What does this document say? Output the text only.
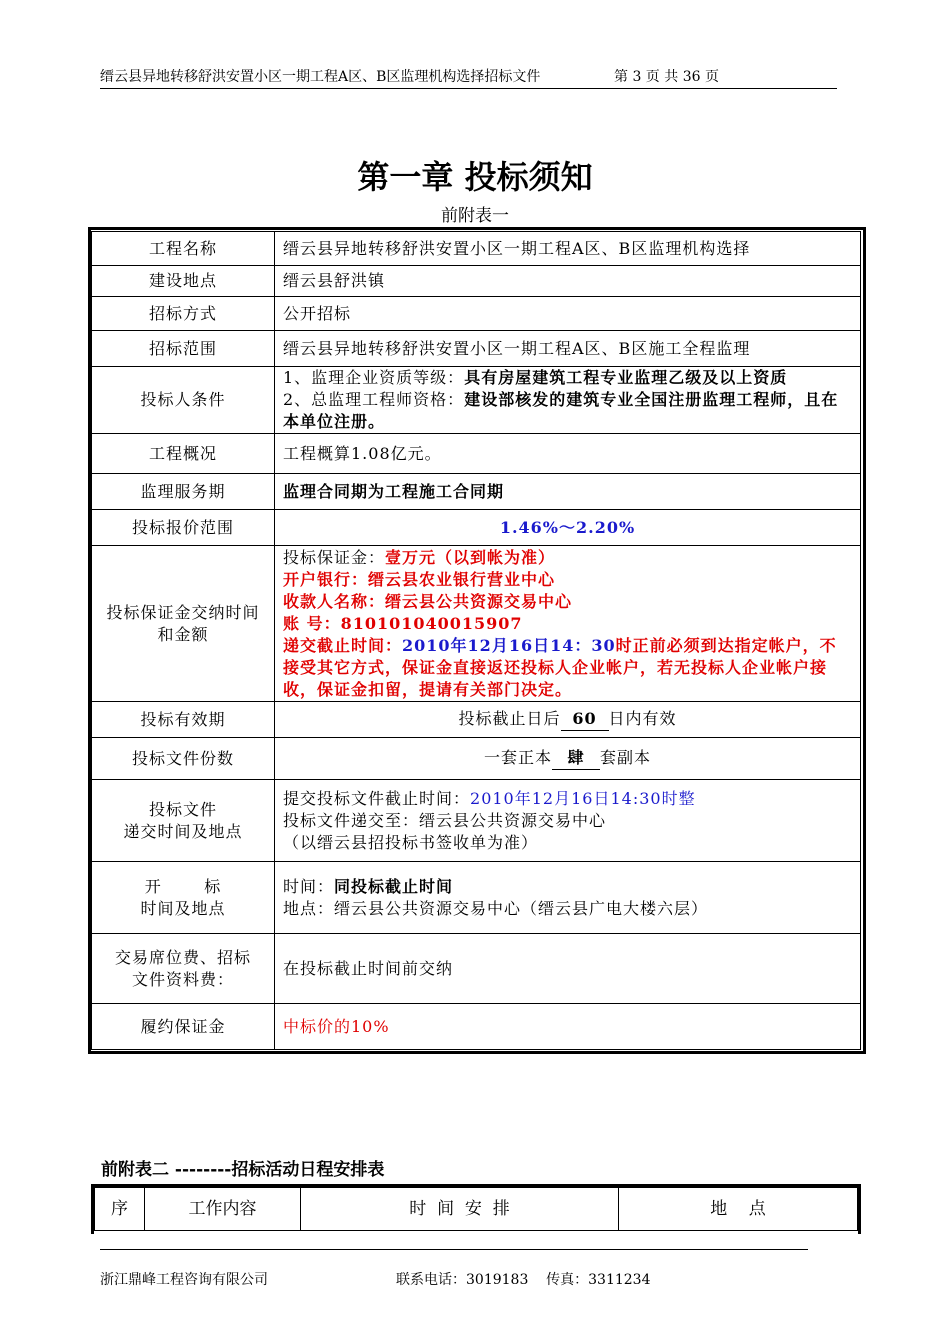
缙云县异地转移舒洪安置小区一期工程A区、B区监理机构选择招标文件	第 3 页 共 36 页
第一章 投标须知
前附表一
工程名称	缙云县异地转移舒洪安置小区一期工程A区、B区监理机构选择
建设地点	缙云县舒洪镇
招标方式	公开招标
招标范围	缙云县异地转移舒洪安置小区一期工程A区、B区施工全程监理
投标人条件	1、监理企业资质等级：具有房屋建筑工程专业监理乙级及以上资质
2、总监理工程师资格：建设部核发的建筑专业全国注册监理工程师，且在本单位注册。
工程概况	工程概算1.08亿元。
监理服务期	监理合同期为工程施工合同期
投标报价范围	1.46%～2.20%
投标保证金交纳时间和金额	投标保证金：壹万元（以到帐为准）
开户银行：缙云县农业银行营业中心
收款人名称：缙云县公共资源交易中心
账 号：810101040015907
递交截止时间：2010年12月16日14：30时正前必须到达指定帐户，不接受其它方式，保证金直接返还投标人企业帐户，若无投标人企业帐户接收，保证金扣留，提请有关部门决定。
投标有效期	投标截止日后 60 日内有效
投标文件份数	一套正本 肆 套副本
投标文件
递交时间及地点	提交投标文件截止时间：2010年12月16日14:30时整
投标文件递交至：缙云县公共资源交易中心
（以缙云县招投标书签收单为准）
开       标
时间及地点	时间：同投标截止时间
地点：缙云县公共资源交易中心（缙云县广电大楼六层）
交易席位费、招标
文件资料费：	在投标截止时间前交纳
履约保证金	中标价的10%
前附表二 --------招标活动日程安排表
序	工作内容	时  间  安  排	地    点
浙江鼎峰工程咨询有限公司	联系电话：3019183    传真：3311234
